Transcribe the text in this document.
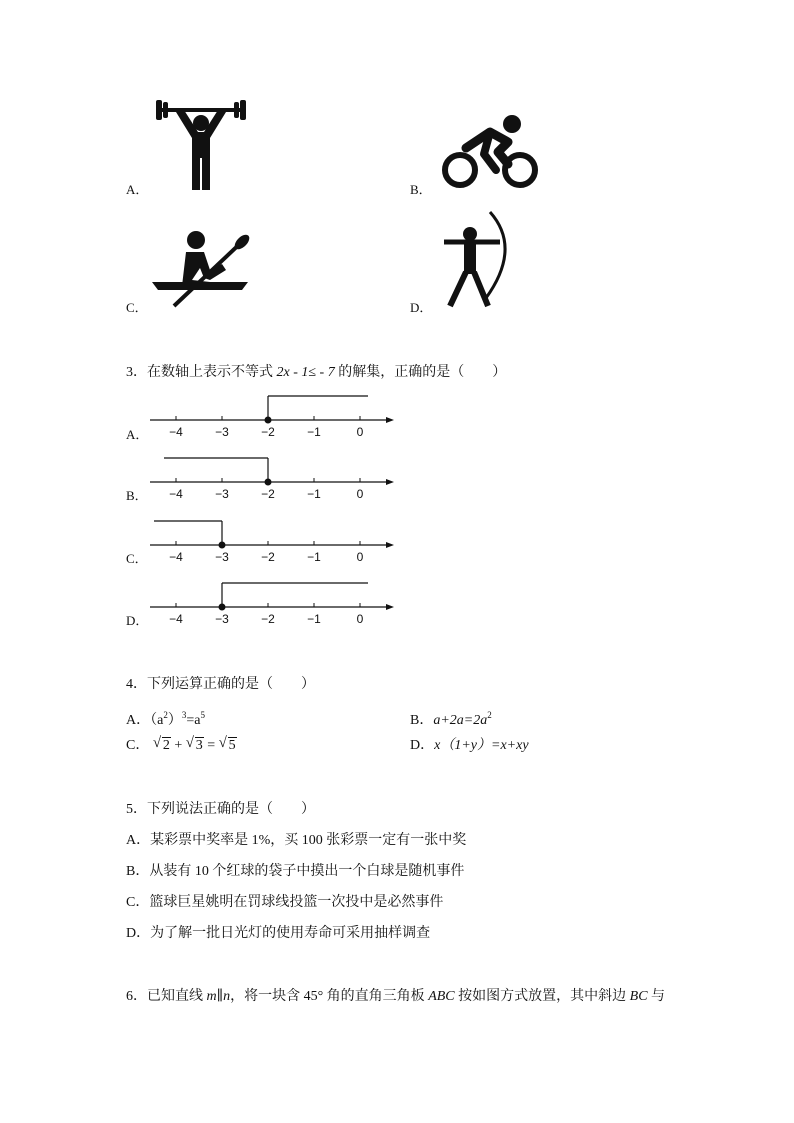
A．	B．
C．	D．
3．在数轴上表示不等式 2x - 1≤ - 7 的解集，正确的是（　　）
A． −4	−3	−2	−1	0
B． −4	−3	−2	−1	0
C． −4	−3	−2	−1	0
D． −4	−3	−2	−1	0
4．下列运算正确的是（　　）
A．$(a^2)^3=a^5$	B．$a+2a=2a^2$
C． √ 2 + √ 3 = √ 5	D．x（1+y）=x+xy
5．下列说法正确的是（　　）
A．某彩票中奖率是 1%，买 100 张彩票一定有一张中奖
B．从装有 10 个红球的袋子中摸出一个白球是随机事件
C．篮球巨星姚明在罚球线投篮一次投中是必然事件
D．为了解一批日光灯的使用寿命可采用抽样调查
6．已知直线 m∥n，将一块含 45° 角的直角三角板 ABC 按如图方式放置，其中斜边 BC 与
